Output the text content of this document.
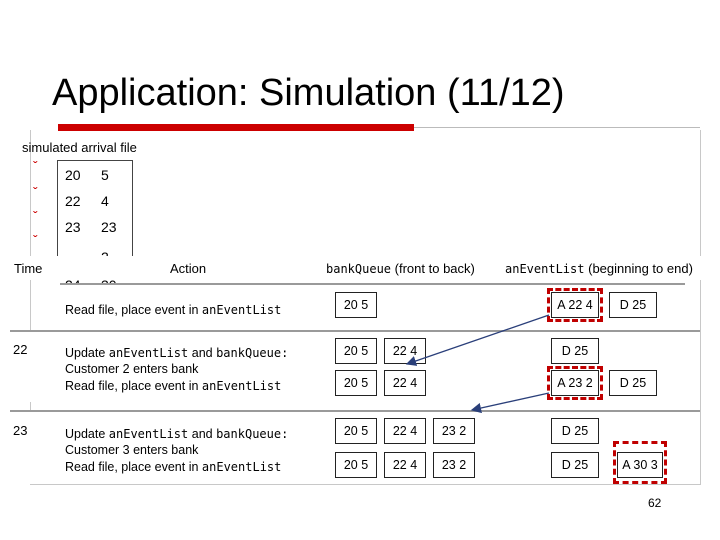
Application: Simulation (11/12)
simulated arrival file
ˇ
ˇ
ˇ
ˇ
20 5
22 4
23 23
Time	Action	bankQueue (front to back)	anEventList (beginning to end)
Read file, place event in anEventList	20 5	A 22 4	D 25
22	Update anEventList and bankQueue:
Customer 2 enters bank
Read file, place event in anEventList
20 5	22 4	D 25
20 5	22 4	A 23 2	D 25
23	Update anEventList and bankQueue:
Customer 3 enters bank
Read file, place event in anEventList
20 5	22 4	23 2	D 25
20 5	22 4	23 2	D 25	A 30 3
62
